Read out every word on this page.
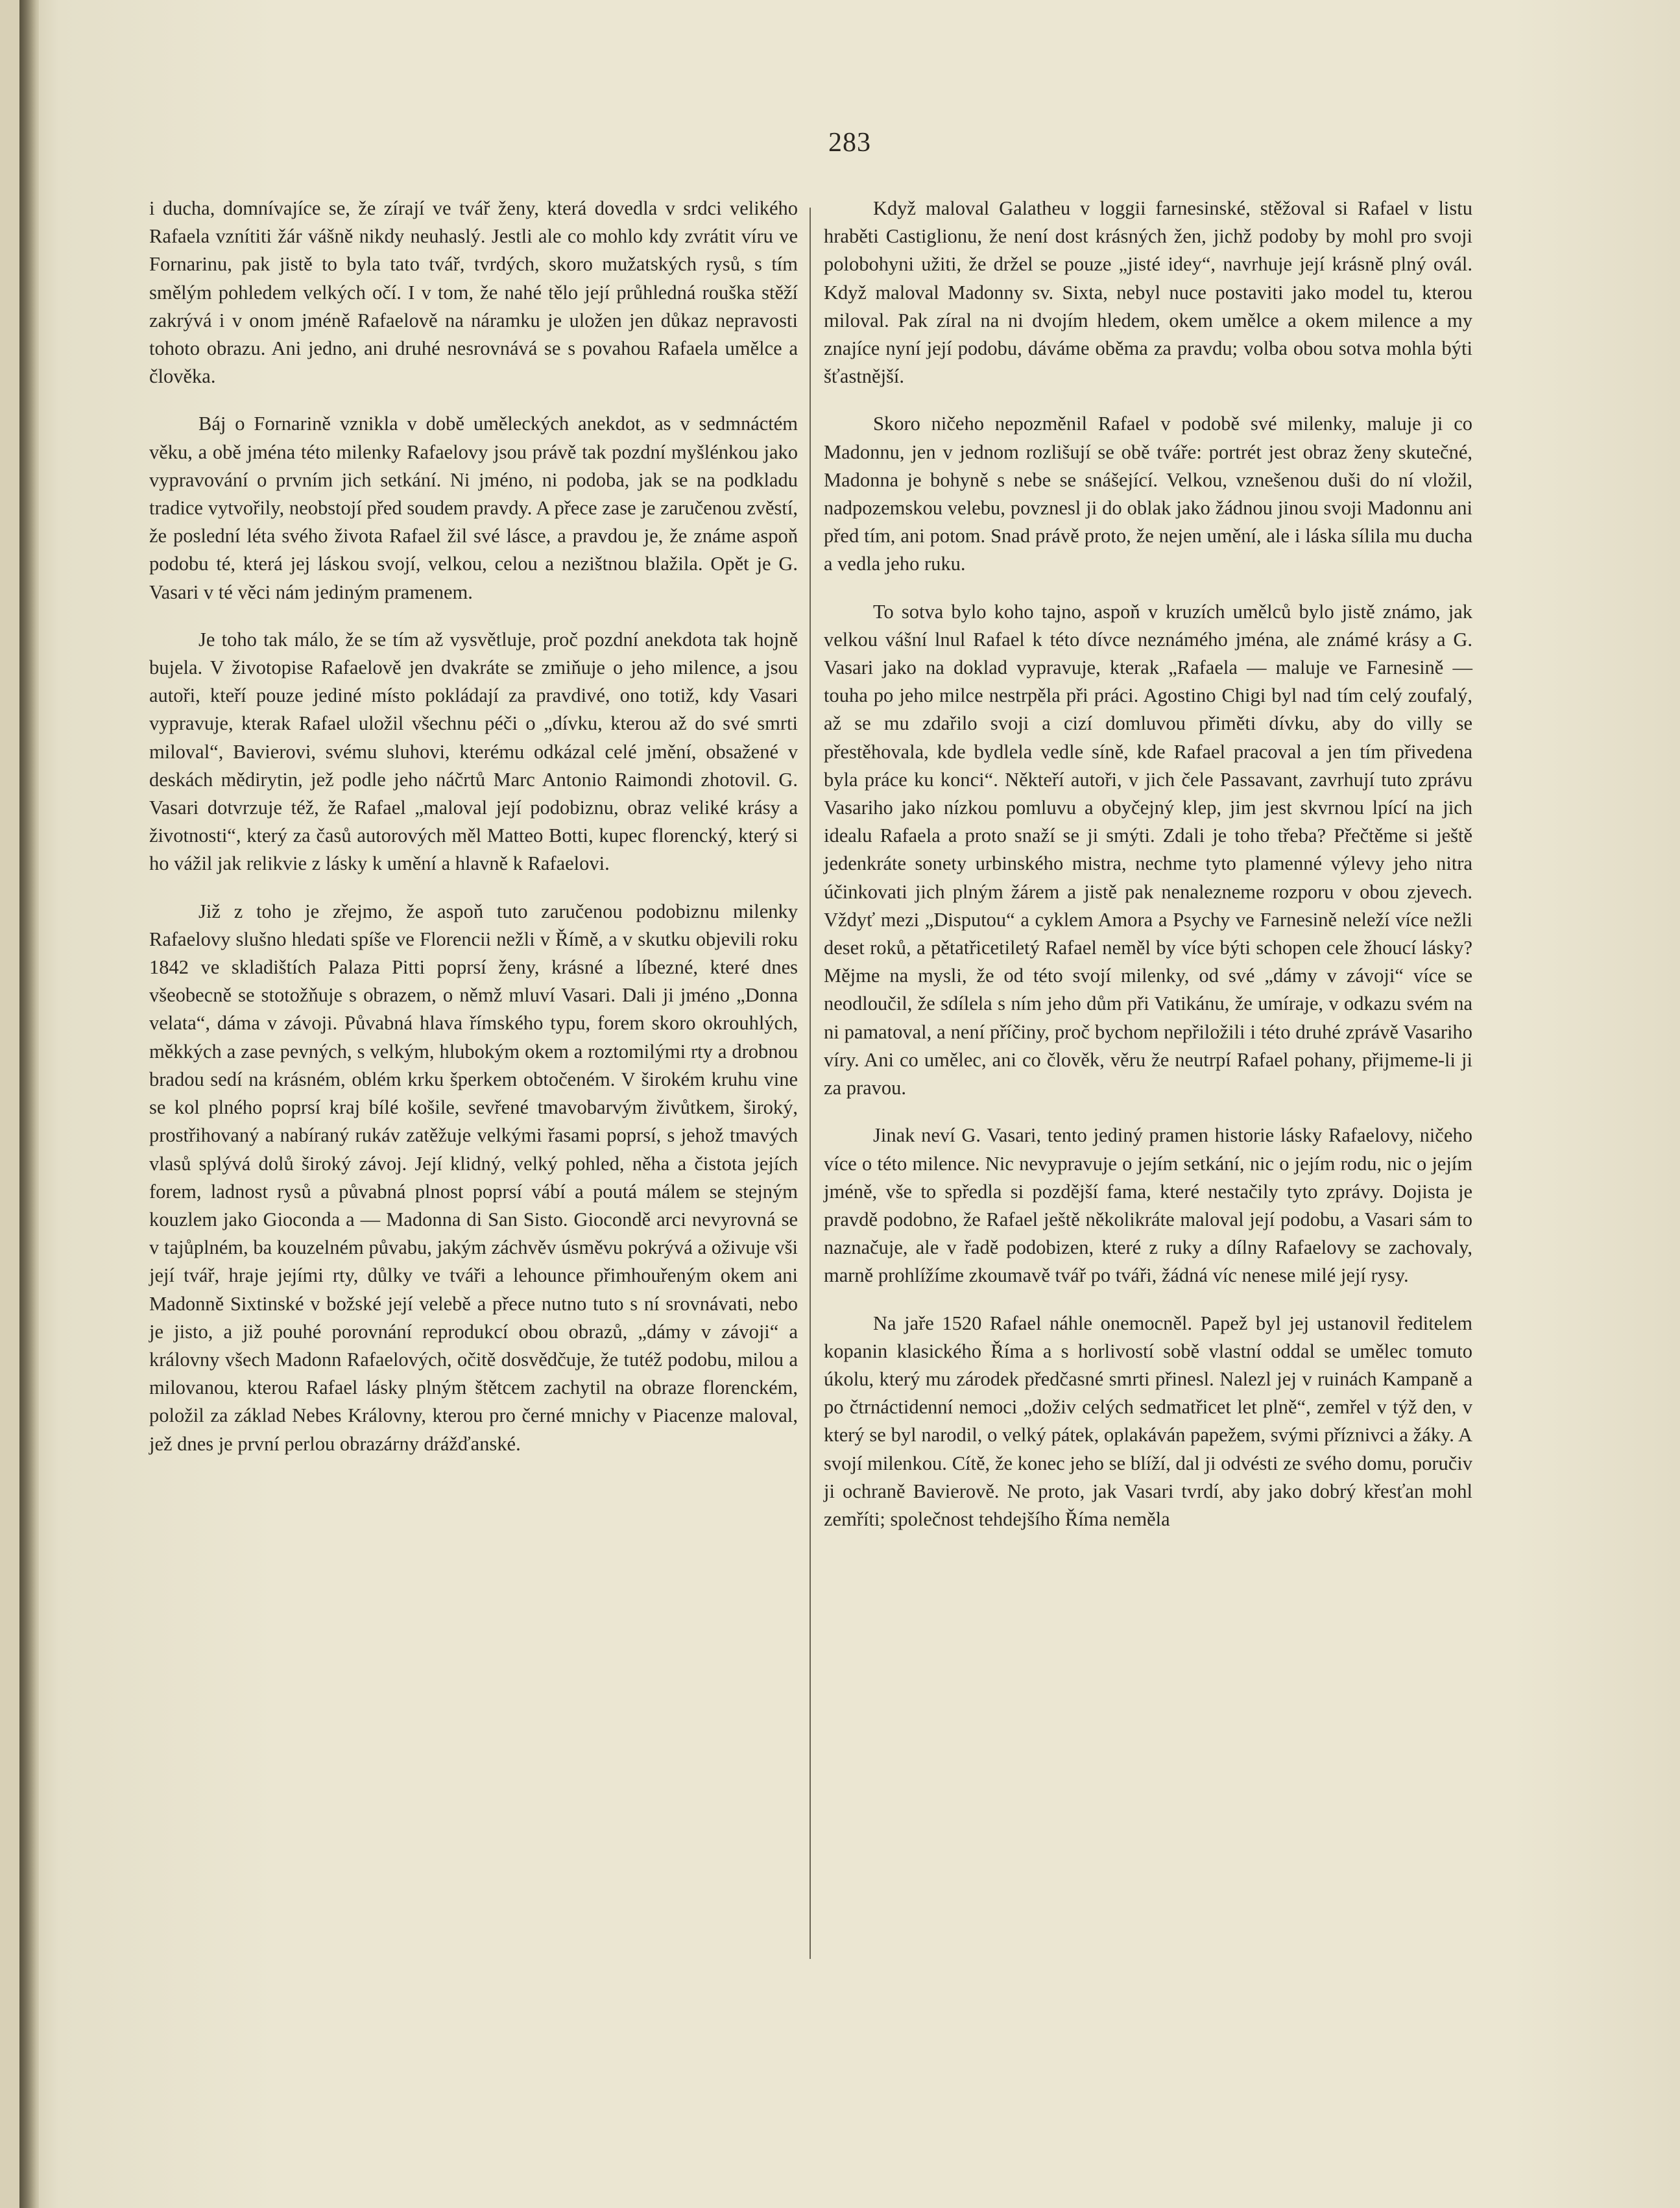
283

i ducha, domnívajíce se, že zírají ve tvář ženy, která dovedla v srdci velikého Rafaela vznítiti žár vášně nikdy neuhaslý. Jestli ale co mohlo kdy zvrátit víru ve Fornarinu, pak jistě to byla tato tvář, tvrdých, skoro mužatských rysů, s tím smělým pohledem velkých očí. I v tom, že nahé tělo její průhledná rouška stěží zakrývá i v onom jméně Rafaelově na náramku je uložen jen důkaz nepravosti tohoto obrazu. Ani jedno, ani druhé nesrovnává se s povahou Rafaela umělce a člověka.

Báj o Fornarině vznikla v době uměleckých anekdot, as v sedmnáctém věku, a obě jména této milenky Rafaelovy jsou právě tak pozdní myšlénkou jako vypravování o prvním jich setkání. Ni jméno, ni podoba, jak se na podkladu tradice vytvořily, neobstojí před soudem pravdy. A přece zase je zaručenou zvěstí, že poslední léta svého života Rafael žil své lásce, a pravdou je, že známe aspoň podobu té, která jej láskou svojí, velkou, celou a nezištnou blažila. Opět je G. Vasari v té věci nám jediným pramenem.

Je toho tak málo, že se tím až vysvětluje, proč pozdní anekdota tak hojně bujela. V životopise Rafaelově jen dvakráte se zmiňuje o jeho milence, a jsou autoři, kteří pouze jediné místo pokládají za pravdivé, ono totiž, kdy Vasari vypravuje, kterak Rafael uložil všechnu péči o „dívku, kterou až do své smrti miloval“, Bavierovi, svému sluhovi, kterému odkázal celé jmění, obsažené v deskách mědirytin, jež podle jeho náčrtů Marc Antonio Raimondi zhotovil. G. Vasari dotvrzuje též, že Rafael „maloval její podobiznu, obraz veliké krásy a životnosti“, který za časů autorových měl Matteo Botti, kupec florencký, který si ho vážil jak relikvie z lásky k umění a hlavně k Rafaelovi.

Již z toho je zřejmo, že aspoň tuto zaručenou podobiznu milenky Rafaelovy slušno hledati spíše ve Florencii nežli v Římě, a v skutku objevili roku 1842 ve skladištích Palaza Pitti poprsí ženy, krásné a líbezné, které dnes všeobecně se stotožňuje s obrazem, o němž mluví Vasari. Dali ji jméno „Donna velata“, dáma v závoji. Půvabná hlava římského typu, forem skoro okrouhlých, měkkých a zase pevných, s velkým, hlubokým okem a roztomilými rty a drobnou bradou sedí na krásném, oblém krku šperkem obtočeném. V širokém kruhu vine se kol plného poprsí kraj bílé košile, sevřené tmavobarvým živůtkem, široký, prostřihovaný a nabíraný rukáv zatěžuje velkými řasami poprsí, s jehož tmavých vlasů splývá dolů široký závoj. Její klidný, velký pohled, něha a čistota jejích forem, ladnost rysů a půvabná plnost poprsí vábí a poutá málem se stejným kouzlem jako Gioconda a — Madonna di San Sisto. Giocondě arci nevyrovná se v tajůplném, ba kouzelném půvabu, jakým záchvěv úsměvu pokrývá a oživuje vši její tvář, hraje jejími rty, důlky ve tváři a lehounce přimhouřeným okem ani Madonně Sixtinské v božské její velebě a přece nutno tuto s ní srovnávati, nebo je jisto, a již pouhé porovnání reprodukcí obou obrazů, „dámy v závoji“ a královny všech Madonn Rafaelových, očitě dosvědčuje, že tutéž podobu, milou a milovanou, kterou Rafael lásky plným štětcem zachytil na obraze florenckém, položil za základ Nebes Královny, kterou pro černé mnichy v Piacenze maloval, jež dnes je první perlou obrazárny drážďanské.

Když maloval Galatheu v loggii farnesinské, stěžoval si Rafael v listu hraběti Castiglionu, že není dost krásných žen, jichž podoby by mohl pro svoji polobohyni užiti, že držel se pouze „jisté idey“, navrhuje její krásně plný ovál. Když maloval Madonny sv. Sixta, nebyl nuce postaviti jako model tu, kterou miloval. Pak zíral na ni dvojím hledem, okem umělce a okem milence a my znajíce nyní její podobu, dáváme oběma za pravdu; volba obou sotva mohla býti šťastnější.

Skoro ničeho nepozměnil Rafael v podobě své milenky, maluje ji co Madonnu, jen v jednom rozlišují se obě tváře: portrét jest obraz ženy skutečné, Madonna je bohyně s nebe se snášející. Velkou, vznešenou duši do ní vložil, nadpozemskou velebu, povznesl ji do oblak jako žádnou jinou svoji Madonnu ani před tím, ani potom. Snad právě proto, že nejen umění, ale i láska sílila mu ducha a vedla jeho ruku.

To sotva bylo koho tajno, aspoň v kruzích umělců bylo jistě známo, jak velkou vášní lnul Rafael k této dívce neznámého jména, ale známé krásy a G. Vasari jako na doklad vypravuje, kterak „Rafaela — maluje ve Farnesině — touha po jeho milce nestrpěla při práci. Agostino Chigi byl nad tím celý zoufalý, až se mu zdařilo svoji a cizí domluvou přiměti dívku, aby do villy se přestěhovala, kde bydlela vedle síně, kde Rafael pracoval a jen tím přivedena byla práce ku konci“. Někteří autoři, v jich čele Passavant, zavrhují tuto zprávu Vasariho jako nízkou pomluvu a obyčejný klep, jim jest skvrnou lpící na jich idealu Rafaela a proto snaží se ji smýti. Zdali je toho třeba? Přečtěme si ještě jedenkráte sonety urbinského mistra, nechme tyto plamenné výlevy jeho nitra účinkovati jich plným žárem a jistě pak nenalezneme rozporu v obou zjevech. Vždyť mezi „Disputou“ a cyklem Amora a Psychy ve Farnesině neleží více nežli deset roků, a pětatřicetiletý Rafael neměl by více býti schopen cele žhoucí lásky? Mějme na mysli, že od této svojí milenky, od své „dámy v závoji“ více se neodloučil, že sdílela s ním jeho dům při Vatikánu, že umíraje, v odkazu svém na ni pamatoval, a není příčiny, proč bychom nepřiložili i této druhé zprávě Vasariho víry. Ani co umělec, ani co člověk, věru že neutrpí Rafael pohany, přijmeme-li ji za pravou.

Jinak neví G. Vasari, tento jediný pramen historie lásky Rafaelovy, ničeho více o této milence. Nic nevypravuje o jejím setkání, nic o jejím rodu, nic o jejím jméně, vše to spředla si pozdější fama, které nestačily tyto zprávy. Dojista je pravdě podobno, že Rafael ještě několikráte maloval její podobu, a Vasari sám to naznačuje, ale v řadě podobizen, které z ruky a dílny Rafaelovy se zachovaly, marně prohlížíme zkoumavě tvář po tváři, žádná víc nenese milé její rysy.

Na jaře 1520 Rafael náhle onemocněl. Papež byl jej ustanovil ředitelem kopanin klasického Říma a s horlivostí sobě vlastní oddal se umělec tomuto úkolu, který mu zárodek předčasné smrti přinesl. Nalezl jej v ruinách Kampaně a po čtrnáctidenní nemoci „doživ celých sedmatřicet let plně“, zemřel v týž den, v který se byl narodil, o velký pátek, oplakáván papežem, svými příznivci a žáky. A svojí milenkou. Cítě, že konec jeho se blíží, dal ji odvésti ze svého domu, poručiv ji ochraně Bavierově. Ne proto, jak Vasari tvrdí, aby jako dobrý křesťan mohl zemříti; společnost tehdejšího Říma neměla
